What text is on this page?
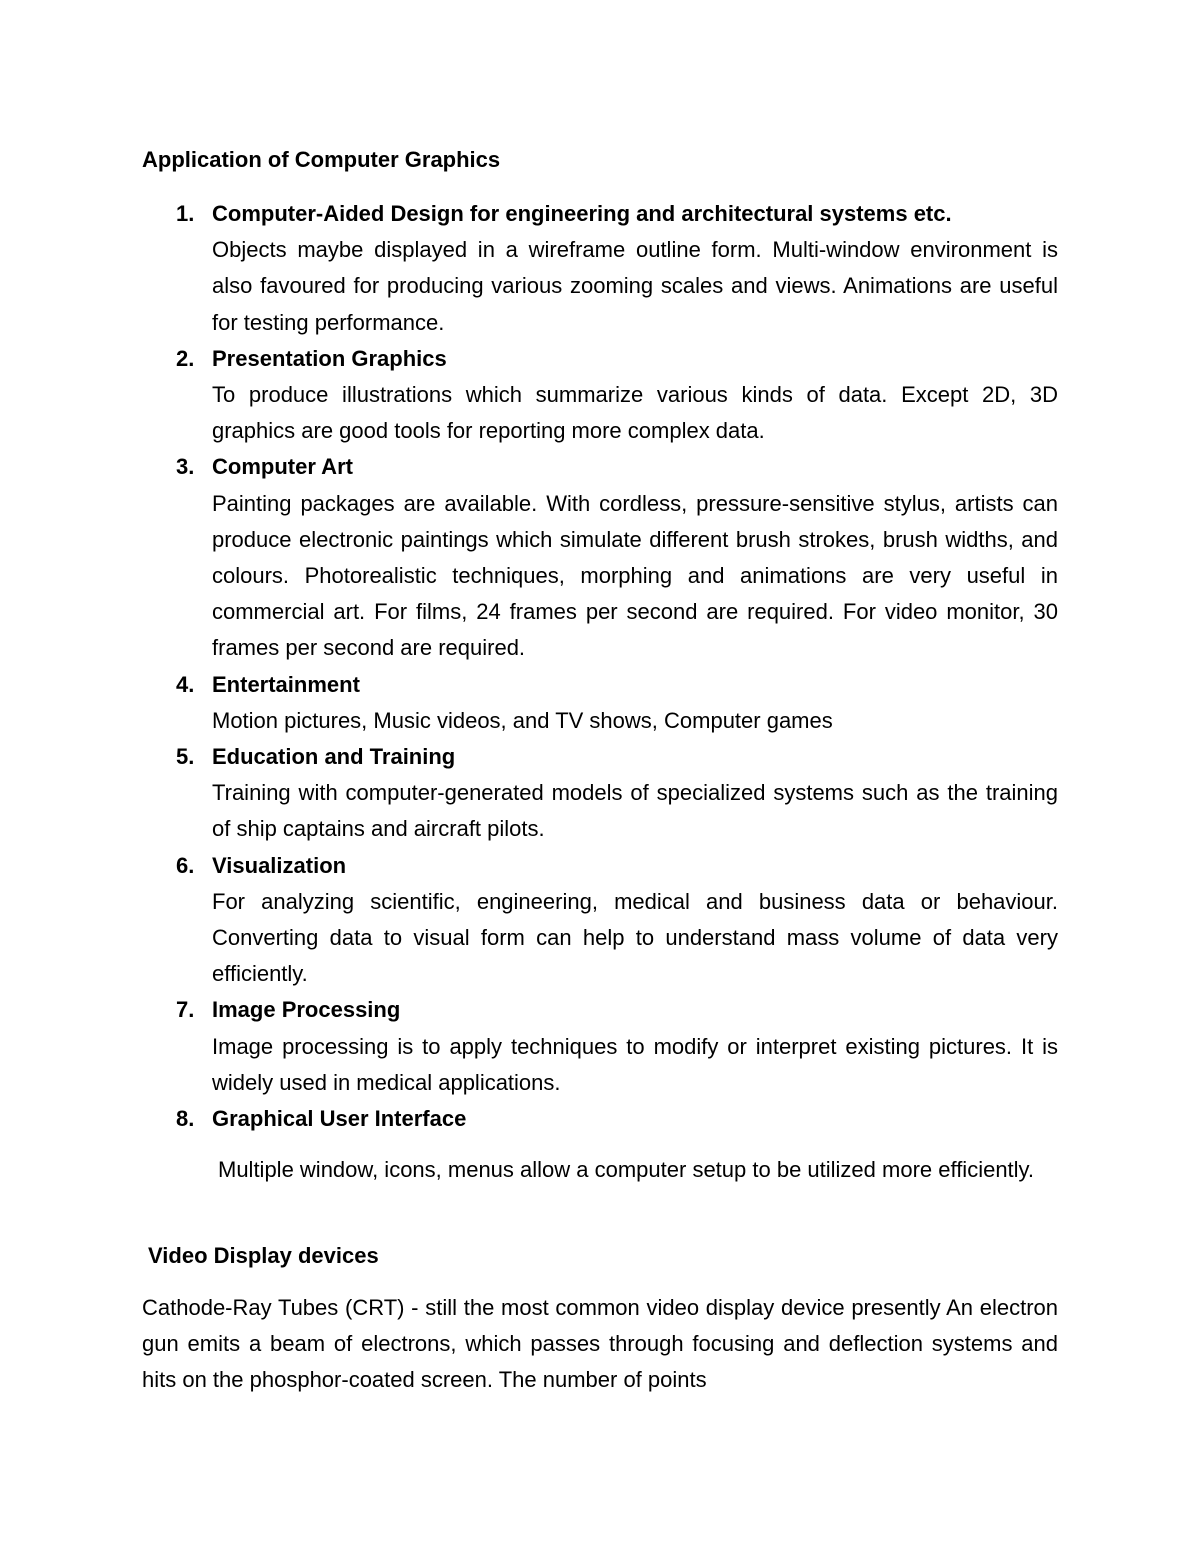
Application of Computer Graphics
1. Computer-Aided Design for engineering and architectural systems etc.
Objects maybe displayed in a wireframe outline form. Multi-window environment is also favoured for producing various zooming scales and views. Animations are useful for testing performance.
2. Presentation Graphics
To produce illustrations which summarize various kinds of data. Except 2D, 3D graphics are good tools for reporting more complex data.
3. Computer Art
Painting packages are available. With cordless, pressure-sensitive stylus, artists can produce electronic paintings which simulate different brush strokes, brush widths, and colours. Photorealistic techniques, morphing and animations are very useful in commercial art. For films, 24 frames per second are required. For video monitor, 30 frames per second are required.
4. Entertainment
Motion pictures, Music videos, and TV shows, Computer games
5. Education and Training
Training with computer-generated models of specialized systems such as the training of ship captains and aircraft pilots.
6. Visualization
For analyzing scientific, engineering, medical and business data or behaviour. Converting data to visual form can help to understand mass volume of data very efficiently.
7. Image Processing
Image processing is to apply techniques to modify or interpret existing pictures. It is widely used in medical applications.
8. Graphical User Interface

Multiple window, icons, menus allow a computer setup to be utilized more efficiently.

Video Display devices

Cathode-Ray Tubes (CRT) - still the most common video display device presently An electron gun emits a beam of electrons, which passes through focusing and deflection systems and hits on the phosphor-coated screen. The number of points
